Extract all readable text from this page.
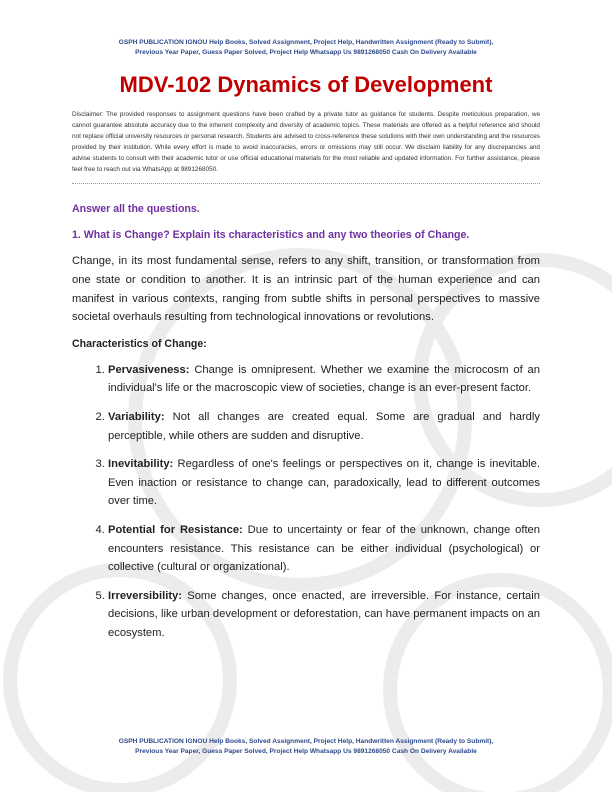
GSPH PUBLICATION IGNOU Help Books, Solved Assignment, Project Help, Handwritten Assignment (Ready to Submit),
Previous Year Paper, Guess Paper Solved, Project Help Whatsapp Us 9891268050 Cash On Delivery Available
MDV-102 Dynamics of Development
Disclaimer: The provided responses to assignment questions have been crafted by a private tutor as guidance for students. Despite meticulous preparation, we cannot guarantee absolute accuracy due to the inherent complexity and diversity of academic topics. These materials are offered as a helpful reference and should not replace official university resources or personal research. Students are advised to cross-reference these solutions with their own understanding and the resources provided by their institution. While every effort is made to avoid inaccuracies, errors or omissions may still occur. We disclaim liability for any discrepancies and advise students to consult with their academic tutor or use official educational materials for the most reliable and updated information. For further assistance, please feel free to reach out via WhatsApp at 9891268050.
Answer all the questions.
1. What is Change? Explain its characteristics and any two theories of Change.
Change, in its most fundamental sense, refers to any shift, transition, or transformation from one state or condition to another. It is an intrinsic part of the human experience and can manifest in various contexts, ranging from subtle shifts in personal perspectives to massive societal overhauls resulting from technological innovations or revolutions.
Characteristics of Change:
1. Pervasiveness: Change is omnipresent. Whether we examine the microcosm of an individual's life or the macroscopic view of societies, change is an ever-present factor.
2. Variability: Not all changes are created equal. Some are gradual and hardly perceptible, while others are sudden and disruptive.
3. Inevitability: Regardless of one's feelings or perspectives on it, change is inevitable. Even inaction or resistance to change can, paradoxically, lead to different outcomes over time.
4. Potential for Resistance: Due to uncertainty or fear of the unknown, change often encounters resistance. This resistance can be either individual (psychological) or collective (cultural or organizational).
5. Irreversibility: Some changes, once enacted, are irreversible. For instance, certain decisions, like urban development or deforestation, can have permanent impacts on an ecosystem.
GSPH PUBLICATION IGNOU Help Books, Solved Assignment, Project Help, Handwritten Assignment (Ready to Submit),
Previous Year Paper, Guess Paper Solved, Project Help Whatsapp Us 9891268050 Cash On Delivery Available
